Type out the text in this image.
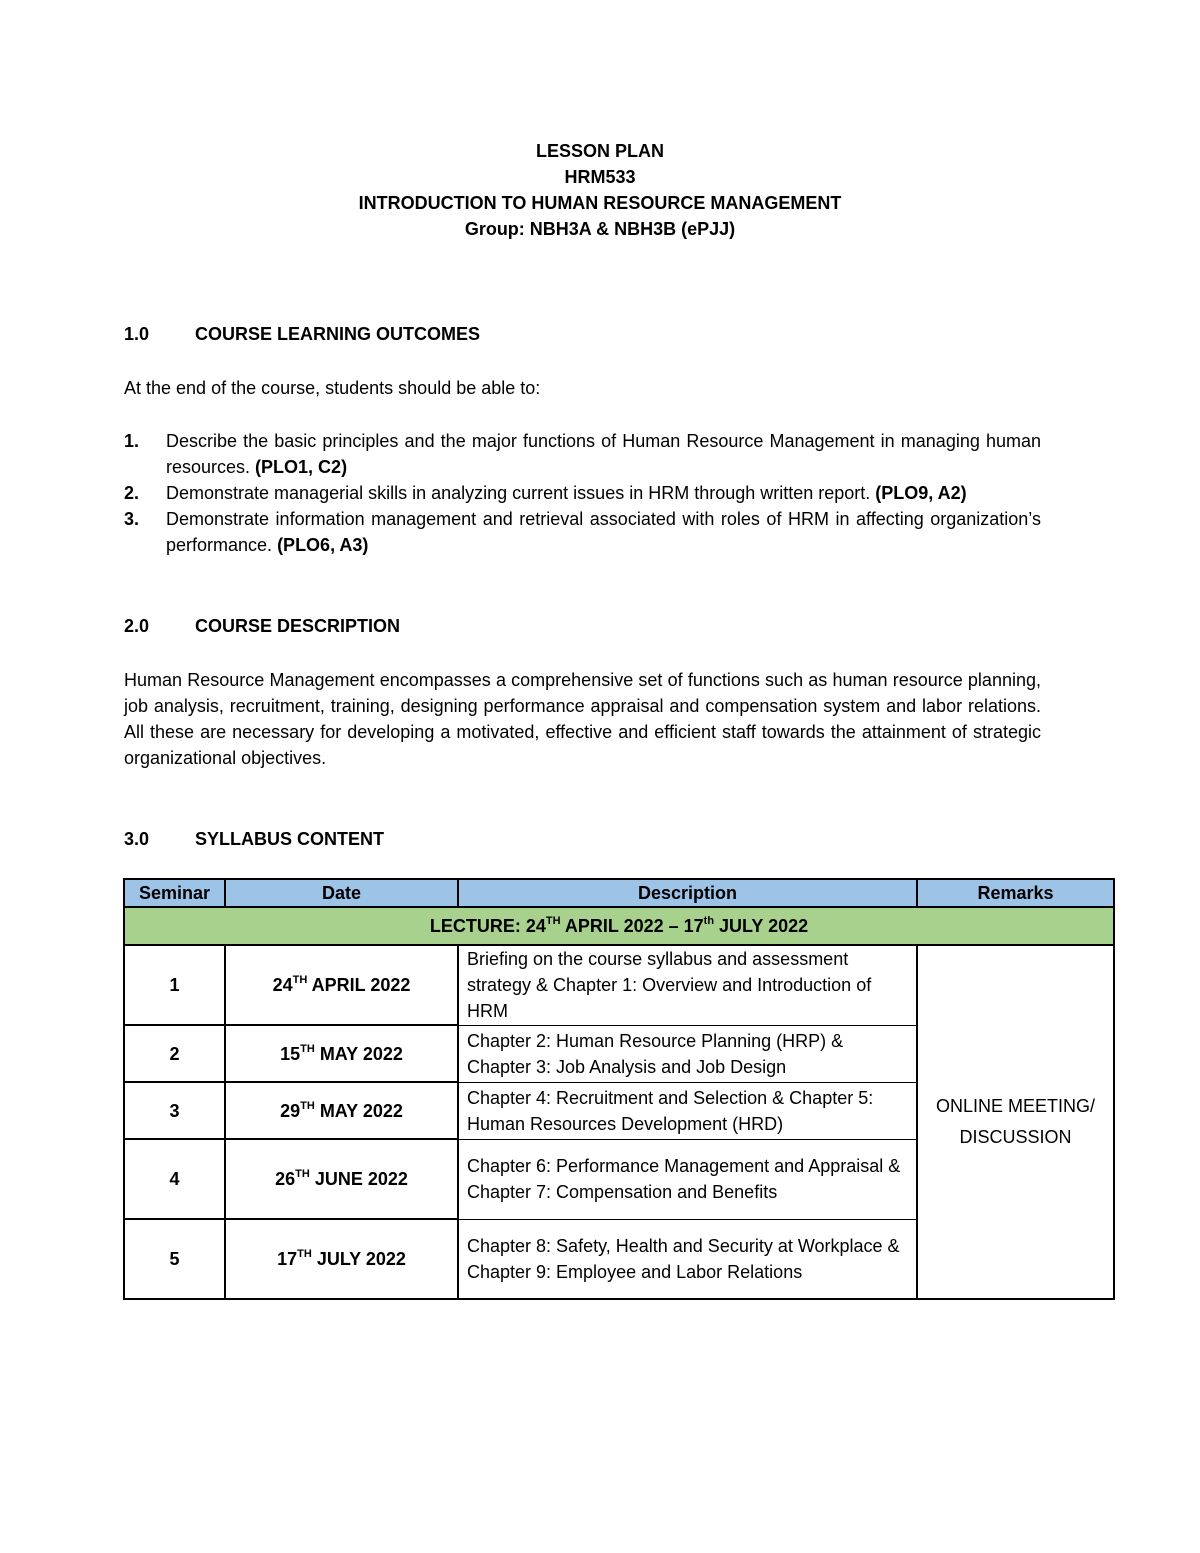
LESSON PLAN
HRM533
INTRODUCTION TO HUMAN RESOURCE MANAGEMENT
Group: NBH3A & NBH3B (ePJJ)
1.0	COURSE LEARNING OUTCOMES
At the end of the course, students should be able to:
1. Describe the basic principles and the major functions of Human Resource Management in managing human resources. (PLO1, C2)
2. Demonstrate managerial skills in analyzing current issues in HRM through written report. (PLO9, A2)
3. Demonstrate information management and retrieval associated with roles of HRM in affecting organization’s performance. (PLO6, A3)
2.0	COURSE DESCRIPTION
Human Resource Management encompasses a comprehensive set of functions such as human resource planning, job analysis, recruitment, training, designing performance appraisal and compensation system and labor relations. All these are necessary for developing a motivated, effective and efficient staff towards the attainment of strategic organizational objectives.
3.0	SYLLABUS CONTENT
Seminar	Date	Description	Remarks
LECTURE: 24TH APRIL 2022 – 17th JULY 2022			
1	24TH APRIL 2022	Briefing on the course syllabus and assessment strategy & Chapter 1: Overview and Introduction of HRM	ONLINE MEETING/ DISCUSSION
2	15TH MAY 2022	Chapter 2: Human Resource Planning (HRP) & Chapter 3: Job Analysis and Job Design	
3	29TH MAY 2022	Chapter 4: Recruitment and Selection & Chapter 5: Human Resources Development (HRD)	
4	26TH JUNE 2022	Chapter 6: Performance Management and Appraisal & Chapter 7: Compensation and Benefits	
5	17TH JULY 2022	Chapter 8: Safety, Health and Security at Workplace & Chapter 9: Employee and Labor Relations	
